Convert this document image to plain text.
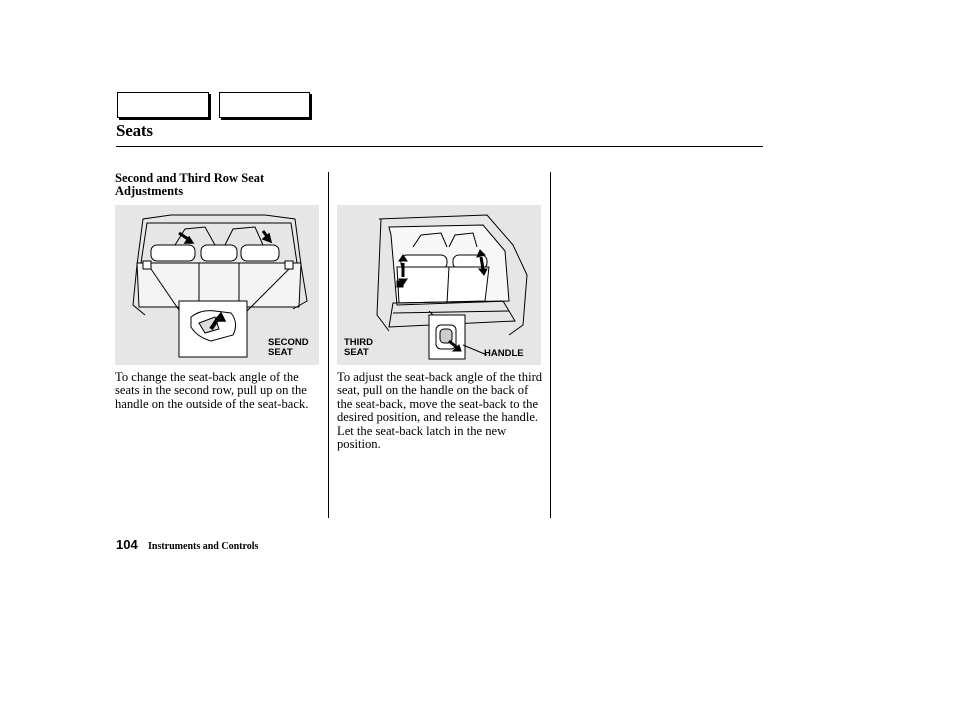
Seats
Second and Third Row Seat Adjustments
SECOND
SEAT
THIRD
SEAT	HANDLE
To change the seat-back angle of the seats in the second row, pull up on the handle on the outside of the seat-back.
To adjust the seat-back angle of the third seat, pull on the handle on the back of the seat-back, move the seat-back to the desired position, and release the handle. Let the seat-back latch in the new position.
104 Instruments and Controls
